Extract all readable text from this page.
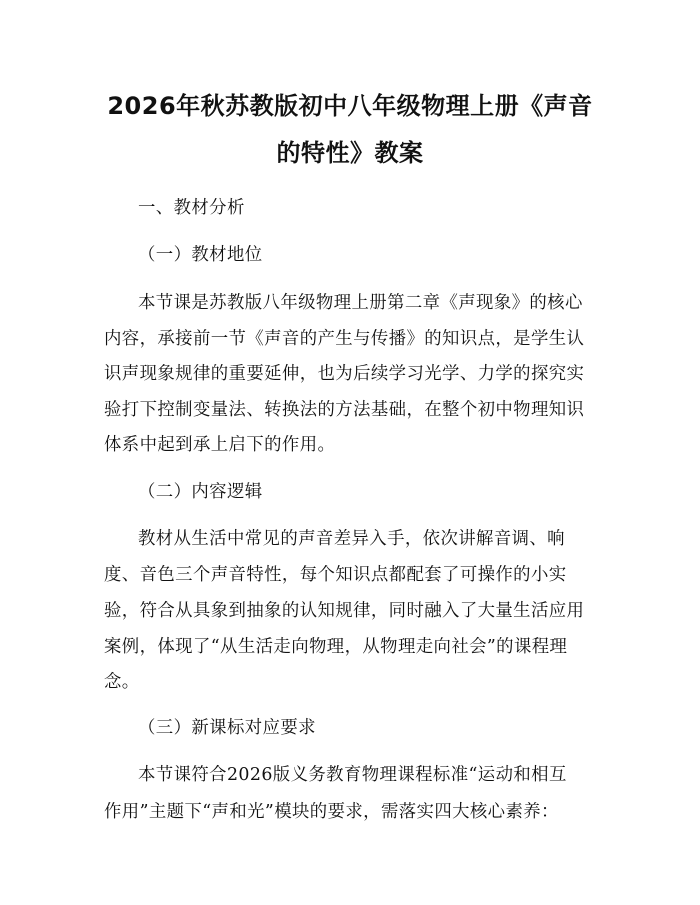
2026年秋苏教版初中八年级物理上册《声音
的特性》教案
一、教材分析
（一）教材地位
本节课是苏教版八年级物理上册第二章《声现象》的核心
内容，承接前一节《声音的产生与传播》的知识点，是学生认
识声现象规律的重要延伸，也为后续学习光学、力学的探究实
验打下控制变量法、转换法的方法基础，在整个初中物理知识
体系中起到承上启下的作用。
（二）内容逻辑
教材从生活中常见的声音差异入手，依次讲解音调、响
度、音色三个声音特性，每个知识点都配套了可操作的小实
验，符合从具象到抽象的认知规律，同时融入了大量生活应用
案例，体现了“从生活走向物理，从物理走向社会”的课程理
念。
（三）新课标对应要求
本节课符合2026版义务教育物理课程标准“运动和相互
作用”主题下“声和光”模块的要求，需落实四大核心素养：
